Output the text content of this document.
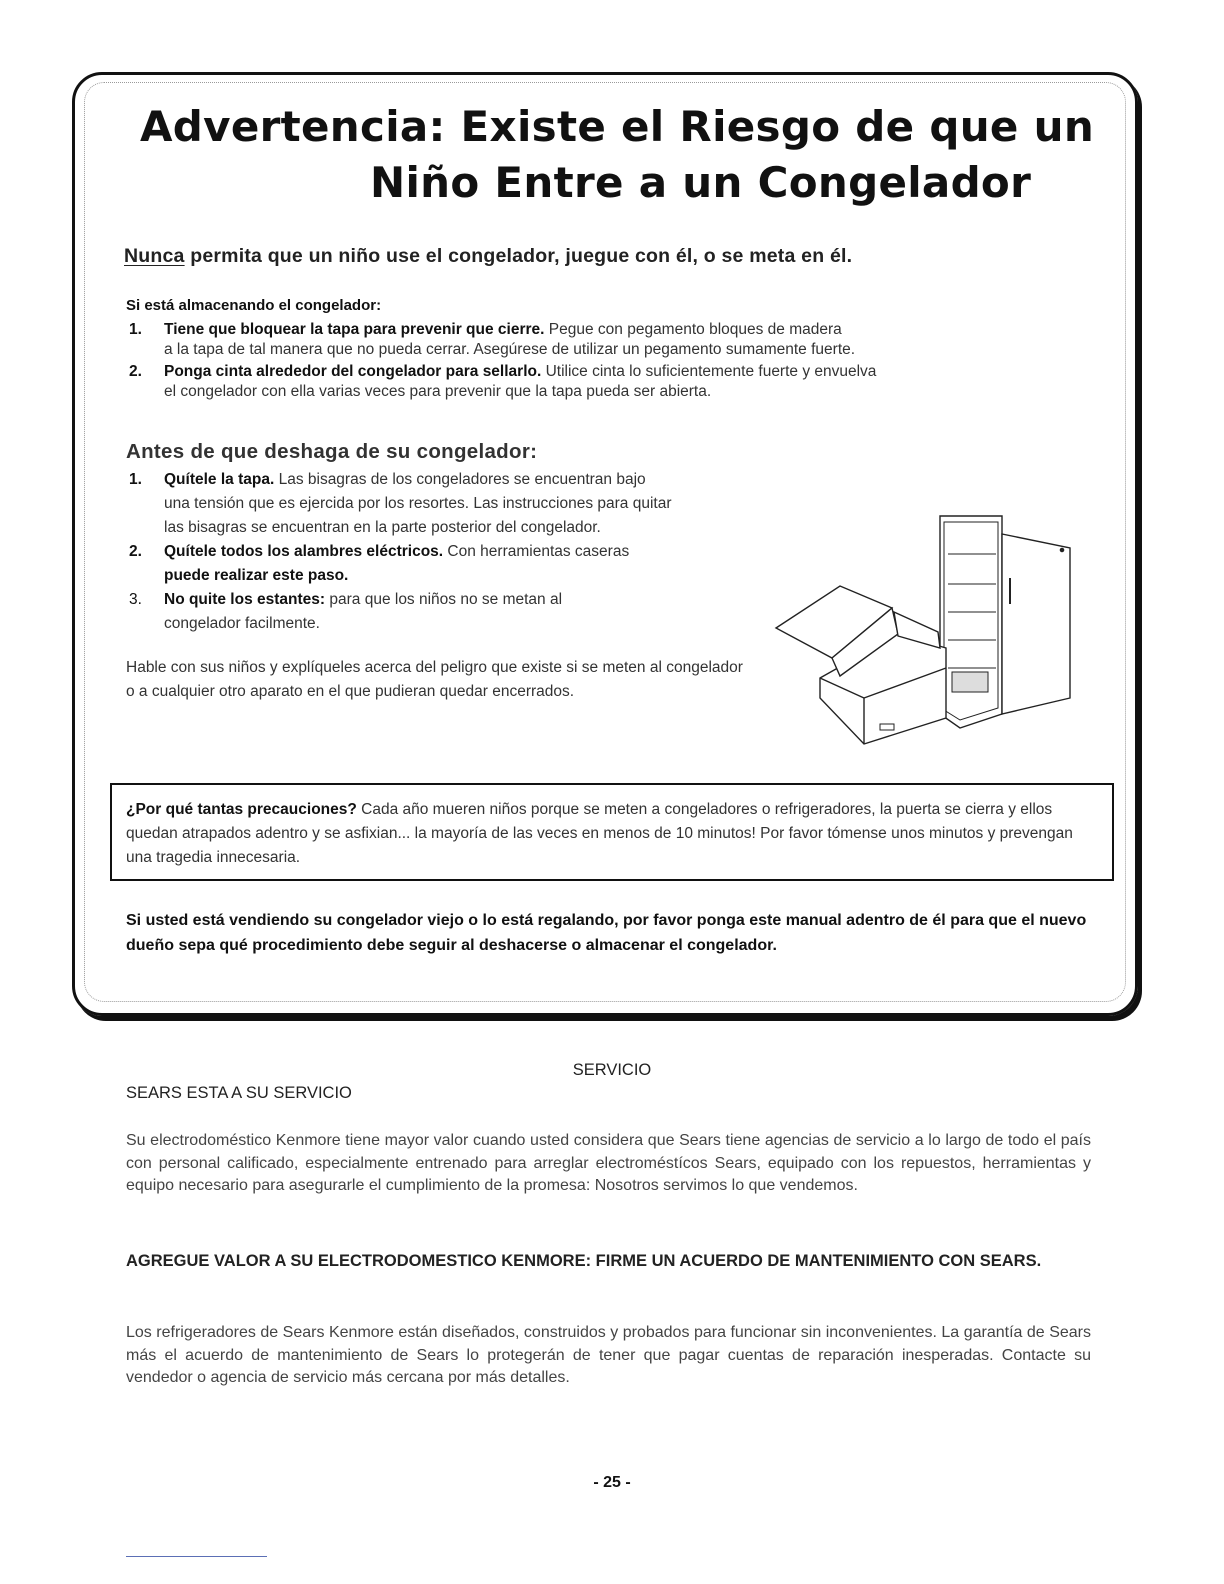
Advertencia: Existe el Riesgo de que un
Niño Entre a un Congelador
Nunca permita que un niño use el congelador, juegue con él, o se meta en él.
Si está almacenando el congelador:
1. Tiene que bloquear la tapa para prevenir que cierre. Pegue con pegamento bloques de madera
a la tapa de tal manera que no pueda cerrar. Asegúrese de utilizar un pegamento sumamente fuerte.
2. Ponga cinta alrededor del congelador para sellarlo. Utilice cinta lo suficientemente fuerte y envuelva
el congelador con ella varias veces para prevenir que la tapa pueda ser abierta.
Antes de que deshaga de su congelador:
1. Quítele la tapa. Las bisagras de los congeladores se encuentran bajo
una tensión que es ejercida por los resortes. Las instrucciones para quitar
las bisagras se encuentran en la parte posterior del congelador.
2. Quítele todos los alambres eléctricos. Con herramientas caseras
puede realizar este paso.
3. No quite los estantes: para que los niños no se metan al
congelador facilmente.
Hable con sus niños y explíqueles acerca del peligro que existe si se meten al congelador o a cualquier otro aparato en el que pudieran quedar encerrados.
¿Por qué tantas precauciones? Cada año mueren niños porque se meten a congeladores o refrigeradores, la puerta se cierra y ellos quedan atrapados adentro y se asfixian... la mayoría de las veces en menos de 10 minutos! Por favor tómense unos minutos y prevengan una tragedia innecesaria.
Si usted está vendiendo su congelador viejo o lo está regalando, por favor ponga este manual adentro de él para que el nuevo dueño sepa qué procedimiento debe seguir al deshacerse o almacenar el congelador.
SERVICIO
SEARS ESTA A SU SERVICIO
Su electrodoméstico Kenmore tiene mayor valor cuando usted considera que Sears tiene agencias de servicio a lo largo de todo el país con personal calificado, especialmente entrenado para arreglar electroméstícos Sears, equipado con los repuestos, herramientas y equipo necesario para asegurarle el cumplimiento de la promesa: Nosotros servimos lo que vendemos.
AGREGUE VALOR A SU ELECTRODOMESTICO KENMORE: FIRME UN ACUERDO DE MANTENIMIENTO CON SEARS.
Los refrigeradores de Sears Kenmore están diseñados, construidos y probados para funcionar sin inconvenientes. La garantía de Sears más el acuerdo de mantenimiento de Sears lo protegerán de tener que pagar cuentas de reparación inesperadas. Contacte su vendedor o agencia de servicio más cercana por más detalles.
- 25 -
